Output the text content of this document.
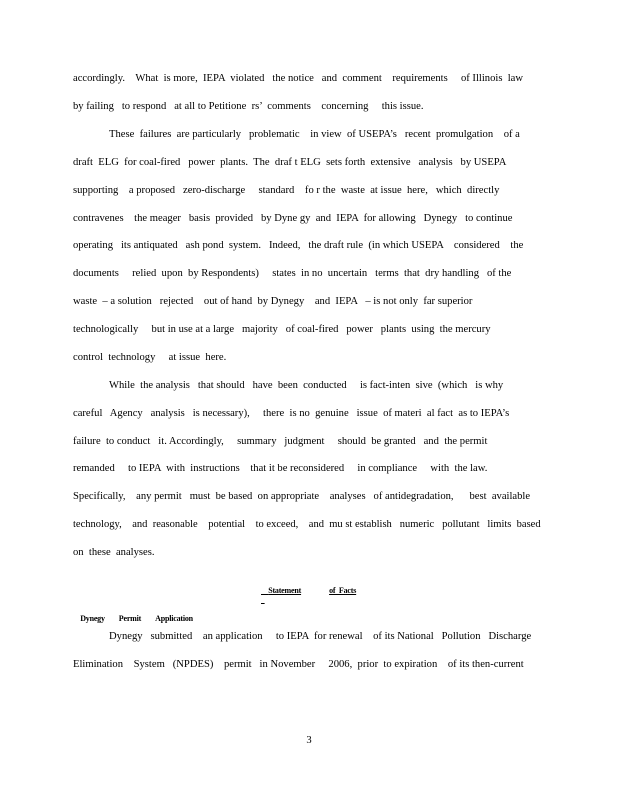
accordingly.    What  is more,  IEPA  violated   the notice   and  comment    requirements     of Illinois  law
by failing   to respond   at all to Petitione  rs’  comments    concerning     this issue.
These  failures  are particularly   problematic    in view  of USEPA’s   recent  promulgation    of a
draft  ELG  for coal-fired   power  plants.  The  draf t ELG  sets forth  extensive   analysis   by USEPA
supporting    a proposed   zero-discharge     standard    fo r the  waste  at issue  here,   which  directly
contravenes    the meager   basis  provided   by Dyne gy  and  IEPA  for allowing   Dynegy   to continue
operating   its antiquated   ash pond  system.   Indeed,   the draft rule  (in which USEPA    considered    the
documents     relied  upon  by Respondents)     states  in no  uncertain   terms  that  dry handling   of the
waste  – a solution   rejected    out of hand  by Dynegy    and  IEPA   – is not only  far superior
technologically     but in use at a large   majority   of coal-fired   power   plants  using  the mercury
control  technology     at issue  here.
While  the analysis   that should   have  been  conducted     is fact-inten  sive  (which   is why
careful   Agency   analysis   is necessary),     there  is no  genuine   issue  of materi  al fact  as to IEPA’s
failure  to conduct   it. Accordingly,     summary   judgment     should  be granted   and  the permit
remanded     to IEPA  with  instructions    that it be reconsidered     in compliance     with  the law.
Specifically,    any permit   must  be based  on appropriate    analyses   of antidegradation,      best  available
technology,    and  reasonable    potential    to exceed,    and  mu st establish   numeric   pollutant   limits  based
on  these  analyses.

Statement	of  Facts

Dynegy Permit Application

Dynegy   submitted    an application     to IEPA  for renewal    of its National   Pollution   Discharge
Elimination    System   (NPDES)    permit   in November     2006,  prior  to expiration    of its then-current
3
